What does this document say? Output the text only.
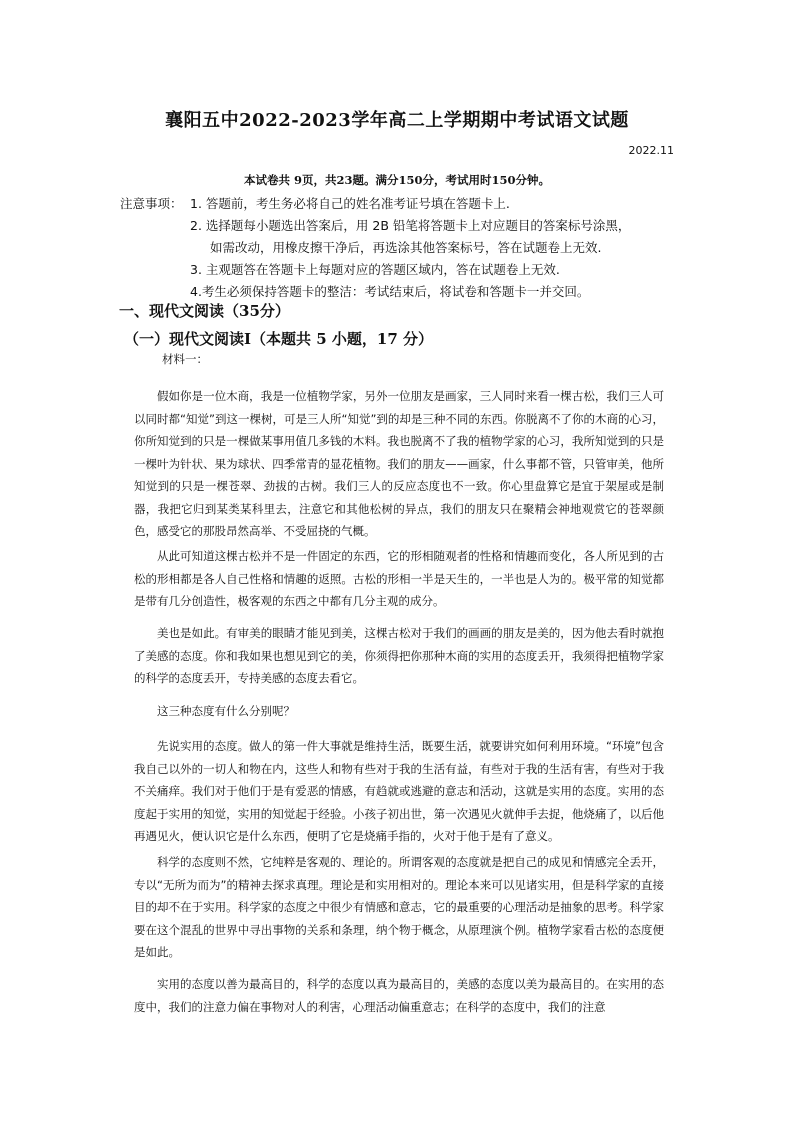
襄阳五中2022-2023学年高二上学期期中考试语文试题
2022.11
本试卷共 9页，共23题。满分150分，考试用时150分钟。
注意事项： 1. 答题前，考生务必将自己的姓名准考证号填在答题卡上.
2. 选择题每小题选出答案后，用 2B 铅笔将答题卡上对应题目的答案标号涂黑，
如需改动，用橡皮擦干净后，再选涂其他答案标号，答在试题卷上无效.
3. 主观题答在答题卡上每题对应的答题区域内，答在试题卷上无效.
4.考生必须保持答题卡的整洁：考试结束后，将试卷和答题卡一并交回。
一、现代文阅读（35分）
（一）现代文阅读Ⅰ（本题共 5 小题，17 分）
材料一：

假如你是一位木商，我是一位植物学家，另外一位朋友是画家，三人同时来看一棵古松，我们三人可以同时都“知觉”到这一棵树，可是三人所“知觉”到的却是三种不同的东西。你脱离不了你的木商的心习，你所知觉到的只是一棵做某事用值几多钱的木料。我也脱离不了我的植物学家的心习，我所知觉到的只是一棵叶为针状、果为球状、四季常青的显花植物。我们的朋友——画家，什么事都不管，只管审美，他所知觉到的只是一棵苍翠、劲拔的古树。我们三人的反应态度也不一致。你心里盘算它是宜于架屋或是制器，我把它归到某类某科里去，注意它和其他松树的异点，我们的朋友只在聚精会神地观赏它的苍翠颜色，感受它的那股昂然高举、不受屈挠的气概。

从此可知道这棵古松并不是一件固定的东西，它的形相随观者的性格和情趣而变化，各人所见到的古松的形相都是各人自己性格和情趣的返照。古松的形相一半是天生的，一半也是人为的。极平常的知觉都是带有几分创造性，极客观的东西之中都有几分主观的成分。

美也是如此。有审美的眼睛才能见到美，这棵古松对于我们的画画的朋友是美的，因为他去看时就抱了美感的态度。你和我如果也想见到它的美，你须得把你那种木商的实用的态度丢开，我须得把植物学家的科学的态度丢开，专持美感的态度去看它。

这三种态度有什么分别呢？

先说实用的态度。做人的第一件大事就是维持生活，既要生活，就要讲究如何利用环境。“环境”包含我自己以外的一切人和物在内，这些人和物有些对于我的生活有益，有些对于我的生活有害，有些对于我不关痛痒。我们对于他们于是有爱恶的情感，有趋就或逃避的意志和活动，这就是实用的态度。实用的态度起于实用的知觉，实用的知觉起于经验。小孩子初出世，第一次遇见火就伸手去捉，他烧痛了，以后他再遇见火，便认识它是什么东西，便明了它是烧痛手指的，火对于他于是有了意义。

科学的态度则不然，它纯粹是客观的、理论的。所谓客观的态度就是把自己的成见和情感完全丢开，专以“无所为而为”的精神去探求真理。理论是和实用相对的。理论本来可以见诸实用，但是科学家的直接目的却不在于实用。科学家的态度之中很少有情感和意志，它的最重要的心理活动是抽象的思考。科学家要在这个混乱的世界中寻出事物的关系和条理，纳个物于概念，从原理演个例。植物学家看古松的态度便是如此。

实用的态度以善为最高目的，科学的态度以真为最高目的，美感的态度以美为最高目的。在实用的态度中，我们的注意力偏在事物对人的利害，心理活动偏重意志；在科学的态度中，我们的注意
